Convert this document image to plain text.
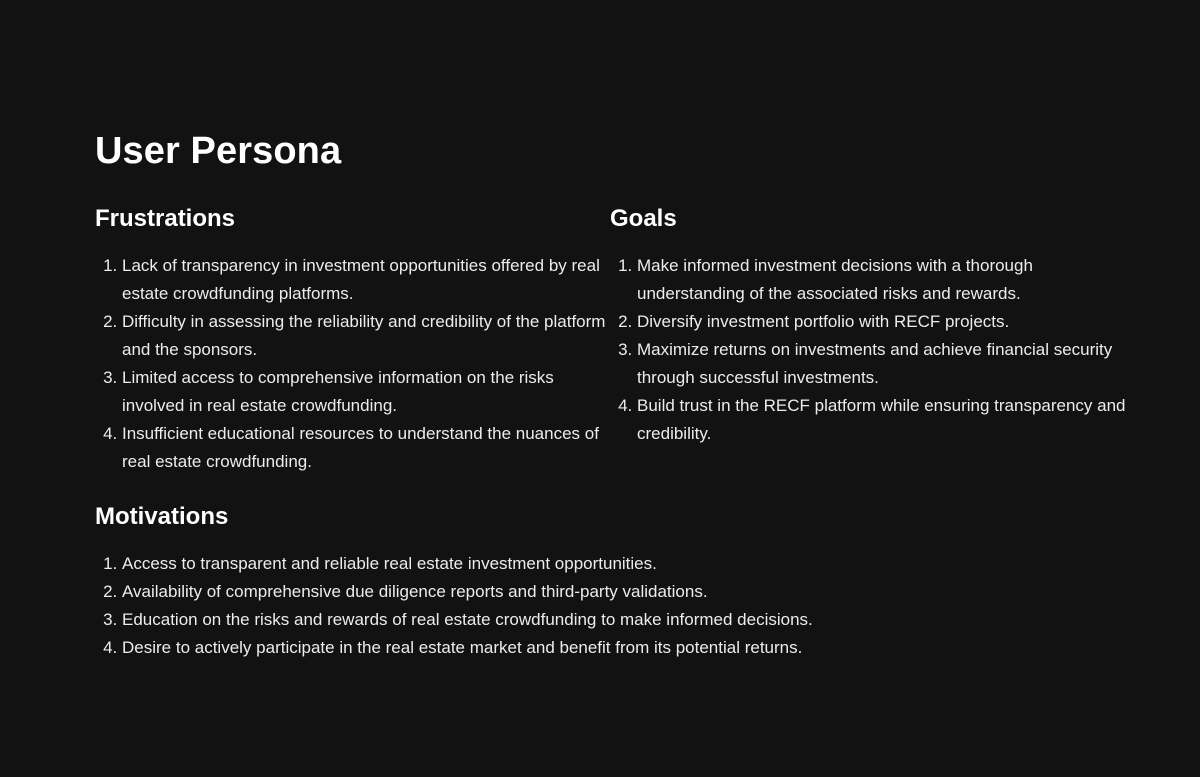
User Persona
Frustrations
1. Lack of transparency in investment opportunities offered by real estate crowdfunding platforms.
2. Difficulty in assessing the reliability and credibility of the platform and the sponsors.
3. Limited access to comprehensive information on the risks involved in real estate crowdfunding.
4. Insufficient educational resources to understand the nuances of real estate crowdfunding.
Goals
1. Make informed investment decisions with a thorough understanding of the associated risks and rewards.
2. Diversify investment portfolio with RECF projects.
3. Maximize returns on investments and achieve financial security through successful investments.
4. Build trust in the RECF platform while ensuring transparency and credibility.
Motivations
1. Access to transparent and reliable real estate investment opportunities.
2. Availability of comprehensive due diligence reports and third-party validations.
3. Education on the risks and rewards of real estate crowdfunding to make informed decisions.
4. Desire to actively participate in the real estate market and benefit from its potential returns.
